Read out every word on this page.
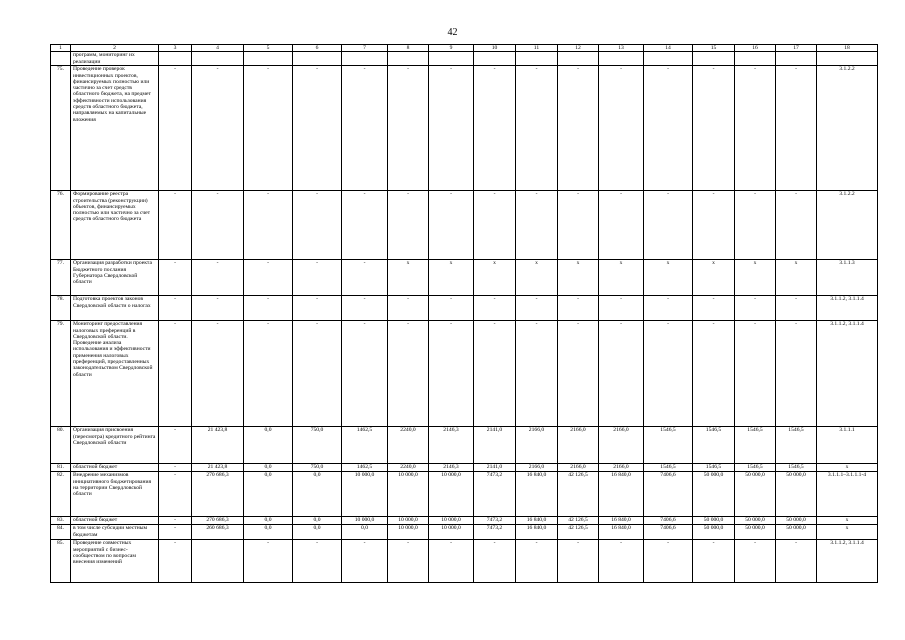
42
1	2	3	4	5	6	7	8	9	10	11	12	13	14	15	16	17	18
	программ, мониторинг их реализации																
75.	Проведение проверок инвестиционных проектов, финансируемых полностью или частично за счет средств областного бюджета, на предмет эффективности использования средств областного бюджета, направляемых на капитальные вложения	-	-	-	-	-	-	-	-	-	-	-	-	-	-	-	3.1.2.2
76.	Формирование реестра строительства (реконструкции) объектов, финансируемых полностью или частично за счет средств областного бюджета	-	-	-	-	-	-	-	-	-	-	-	-	-	-	-	3.1.2.2
77.	Организация разработки проекта Бюджетного послания Губернатора Свердловской области	-	-	-	-	-	x	x	x	x	x	x	x	x	x	x	3.1.1.3
78.	Подготовка проектов законов Свердловской области о налогах	-	-	-	-	-	-	-	-	-	-	-	-	-	-	-	3.1.1.2, 3.1.1.4
79.	Мониторинг предоставления налоговых преференций в Свердловской области. Проведение анализа использования и эффективности применения налоговых преференций, предоставленных законодательством Свердловской области	-	-	-	-	-	-	-	-	-	-	-	-	-	-	-	3.1.1.2, 3.1.1.4
80.	Организация присвоения (пересмотра) кредитного рейтинга Свердловской области	-	21 423,8	0,0	750,0	1462,5	2240,0	2146,3	2141,0	2166,0	2166,0	2166,0	1546,5	1546,5	1546,5	1546,5	3.1.1.1
81.	областной бюджет	-	21 423,8	0,0	750,0	1462,5	2240,0	2146,3	2141,0	2166,0	2166,0	2166,0	1546,5	1546,5	1546,5	1546,5	x
82.	Внедрение механизмов инициативного бюджетирования на территории Свердловской области	-	270 686,3	0,0	0,0	10 000,0	10 000,0	10 000,0	7473,2	16 840,0	42 126,5	16 840,0	7406,6	50 000,0	50 000,0	50 000,0	3.1.1.1–3.1.1.1-4
83.	областной бюджет	-	270 686,3	0,0	0,0	10 000,0	10 000,0	10 000,0	7473,2	16 840,0	42 126,5	16 840,0	7406,6	50 000,0	50 000,0	50 000,0	x
84.	в том числе субсидии местным бюджетам	-	260 686,3	0,0	0,0	0,0	10 000,0	10 000,0	7473,2	16 840,0	42 126,5	16 840,0	7406,6	50 000,0	50 000,0	50 000,0	x
85.	Проведение совместных мероприятий с бизнес-сообществом по вопросам внесения изменений	-		-	-	-	-	-	-	-	-	-	-	-	-	-	3.1.1.2, 3.1.1.4
